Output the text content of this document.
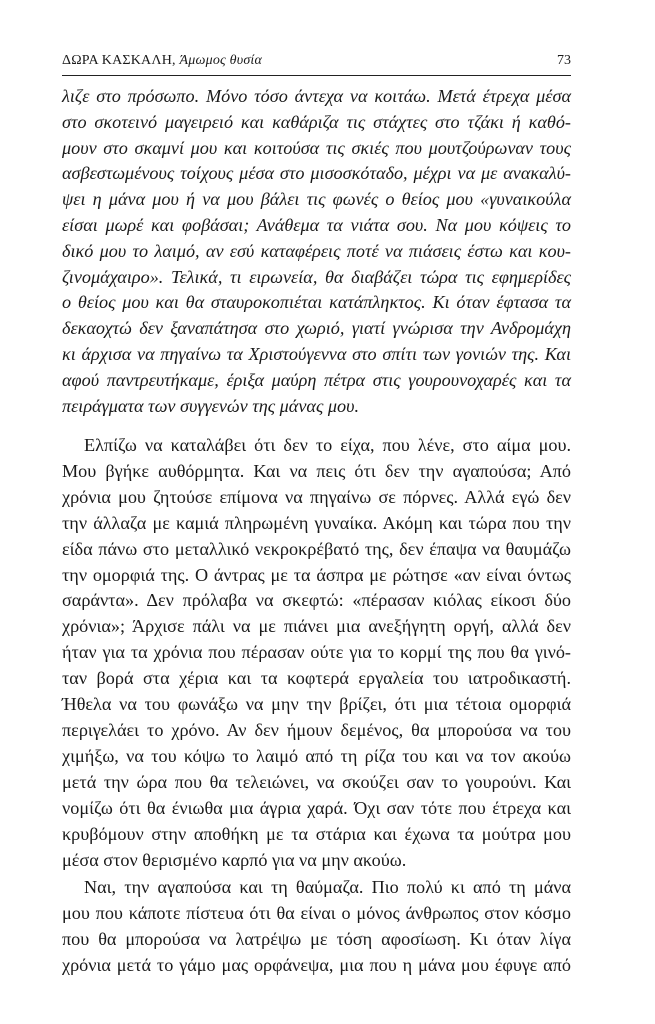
ΔΩΡΑ ΚΑΣΚΑΛΗ, Άμωμος θυσία	73
λιζε στο πρόσωπο. Μόνο τόσο άντεχα να κοιτάω. Μετά έτρεχα μέσα
στο σκοτεινό μαγειρειό και καθάριζα τις στάχτες στο τζάκι ή καθό-
μουν στο σκαμνί μου και κοιτούσα τις σκιές που μουτζούρωναν τους
ασβεστωμένους τοίχους μέσα στο μισοσκόταδο, μέχρι να με ανακαλύ-
ψει η μάνα μου ή να μου βάλει τις φωνές ο θείος μου «γυναικούλα
είσαι μωρέ και φοβάσαι; Ανάθεμα τα νιάτα σου. Να μου κόψεις το
δικό μου το λαιμό, αν εσύ καταφέρεις ποτέ να πιάσεις έστω και κου-
ζινομάχαιρο». Τελικά, τι ειρωνεία, θα διαβάζει τώρα τις εφημερίδες
ο θείος μου και θα σταυροκοπιέται κατάπληκτος. Κι όταν έφτασα τα
δεκαοχτώ δεν ξαναπάτησα στο χωριό, γιατί γνώρισα την Ανδρομάχη
κι άρχισα να πηγαίνω τα Χριστούγεννα στο σπίτι των γονιών της. Και
αφού παντρευτήκαμε, έριξα μαύρη πέτρα στις γουρουνοχαρές και τα
πειράγματα των συγγενών της μάνας μου.
Ελπίζω να καταλάβει ότι δεν το είχα, που λένε, στο αίμα μου.
Μου βγήκε αυθόρμητα. Και να πεις ότι δεν την αγαπούσα; Από
χρόνια μου ζητούσε επίμονα να πηγαίνω σε πόρνες. Αλλά εγώ δεν
την άλλαζα με καμιά πληρωμένη γυναίκα. Ακόμη και τώρα που την
είδα πάνω στο μεταλλικό νεκροκρέβατό της, δεν έπαψα να θαυμάζω
την ομορφιά της. Ο άντρας με τα άσπρα με ρώτησε «αν είναι όντως
σαράντα». Δεν πρόλαβα να σκεφτώ: «πέρασαν κιόλας είκοσι δύο
χρόνια»; Άρχισε πάλι να με πιάνει μια ανεξήγητη οργή, αλλά δεν
ήταν για τα χρόνια που πέρασαν ούτε για το κορμί της που θα γινό-
ταν βορά στα χέρια και τα κοφτερά εργαλεία του ιατροδικαστή.
Ήθελα να του φωνάξω να μην την βρίζει, ότι μια τέτοια ομορφιά
περιγελάει το χρόνο. Αν δεν ήμουν δεμένος, θα μπορούσα να του
χιμήξω, να του κόψω το λαιμό από τη ρίζα του και να τον ακούω
μετά την ώρα που θα τελειώνει, να σκούζει σαν το γουρούνι. Και
νομίζω ότι θα ένιωθα μια άγρια χαρά. Όχι σαν τότε που έτρεχα και
κρυβόμουν στην αποθήκη με τα στάρια και έχωνα τα μούτρα μου
μέσα στον θερισμένο καρπό για να μην ακούω.
Ναι, την αγαπούσα και τη θαύμαζα. Πιο πολύ κι από τη μάνα
μου που κάποτε πίστευα ότι θα είναι ο μόνος άνθρωπος στον κόσμο
που θα μπορούσα να λατρέψω με τόση αφοσίωση. Κι όταν λίγα
χρόνια μετά το γάμο μας ορφάνεψα, μια που η μάνα μου έφυγε από
